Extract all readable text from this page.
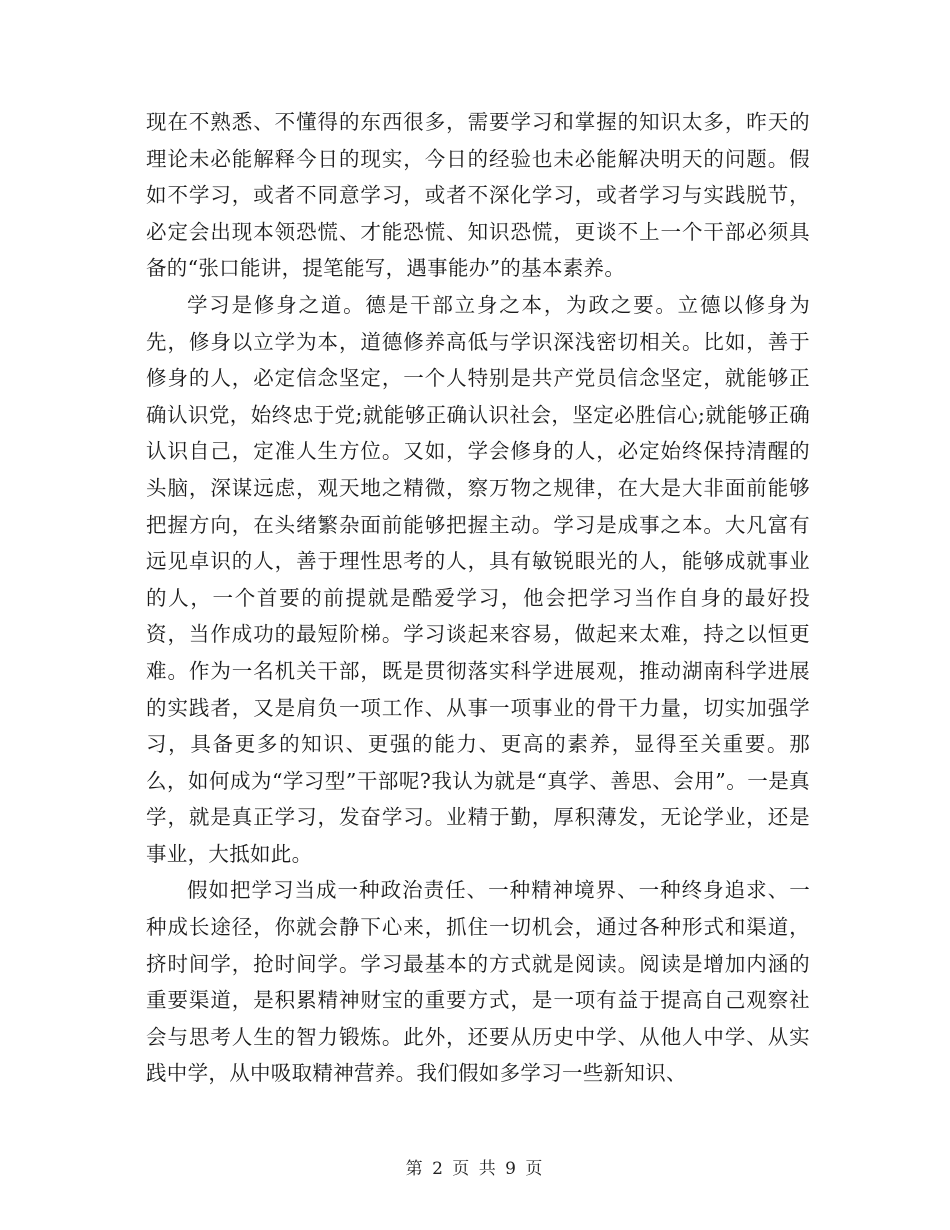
现在不熟悉、不懂得的东西很多，需要学习和掌握的知识太多，昨天的理论未必能解释今日的现实，今日的经验也未必能解决明天的问题。假如不学习，或者不同意学习，或者不深化学习，或者学习与实践脱节，必定会出现本领恐慌、才能恐慌、知识恐慌，更谈不上一个干部必须具备的“张口能讲，提笔能写，遇事能办”的基本素养。

学习是修身之道。德是干部立身之本，为政之要。立德以修身为先，修身以立学为本，道德修养高低与学识深浅密切相关。比如，善于修身的人，必定信念坚定，一个人特别是共产党员信念坚定，就能够正确认识党，始终忠于党;就能够正确认识社会，坚定必胜信心;就能够正确认识自己，定准人生方位。又如，学会修身的人，必定始终保持清醒的头脑，深谋远虑，观天地之精微，察万物之规律，在大是大非面前能够把握方向，在头绪繁杂面前能够把握主动。学习是成事之本。大凡富有远见卓识的人，善于理性思考的人，具有敏锐眼光的人，能够成就事业的人，一个首要的前提就是酷爱学习，他会把学习当作自身的最好投资，当作成功的最短阶梯。学习谈起来容易，做起来太难，持之以恒更难。作为一名机关干部，既是贯彻落实科学进展观，推动湖南科学进展的实践者，又是肩负一项工作、从事一项事业的骨干力量，切实加强学习，具备更多的知识、更强的能力、更高的素养，显得至关重要。那么，如何成为“学习型”干部呢?我认为就是“真学、善思、会用”。一是真学，就是真正学习，发奋学习。业精于勤，厚积薄发，无论学业，还是事业，大抵如此。

假如把学习当成一种政治责任、一种精神境界、一种终身追求、一种成长途径，你就会静下心来，抓住一切机会，通过各种形式和渠道，挤时间学，抢时间学。学习最基本的方式就是阅读。阅读是增加内涵的重要渠道，是积累精神财宝的重要方式，是一项有益于提高自己观察社会与思考人生的智力锻炼。此外，还要从历史中学、从他人中学、从实践中学，从中吸取精神营养。我们假如多学习一些新知识、

第 2 页 共 9 页
